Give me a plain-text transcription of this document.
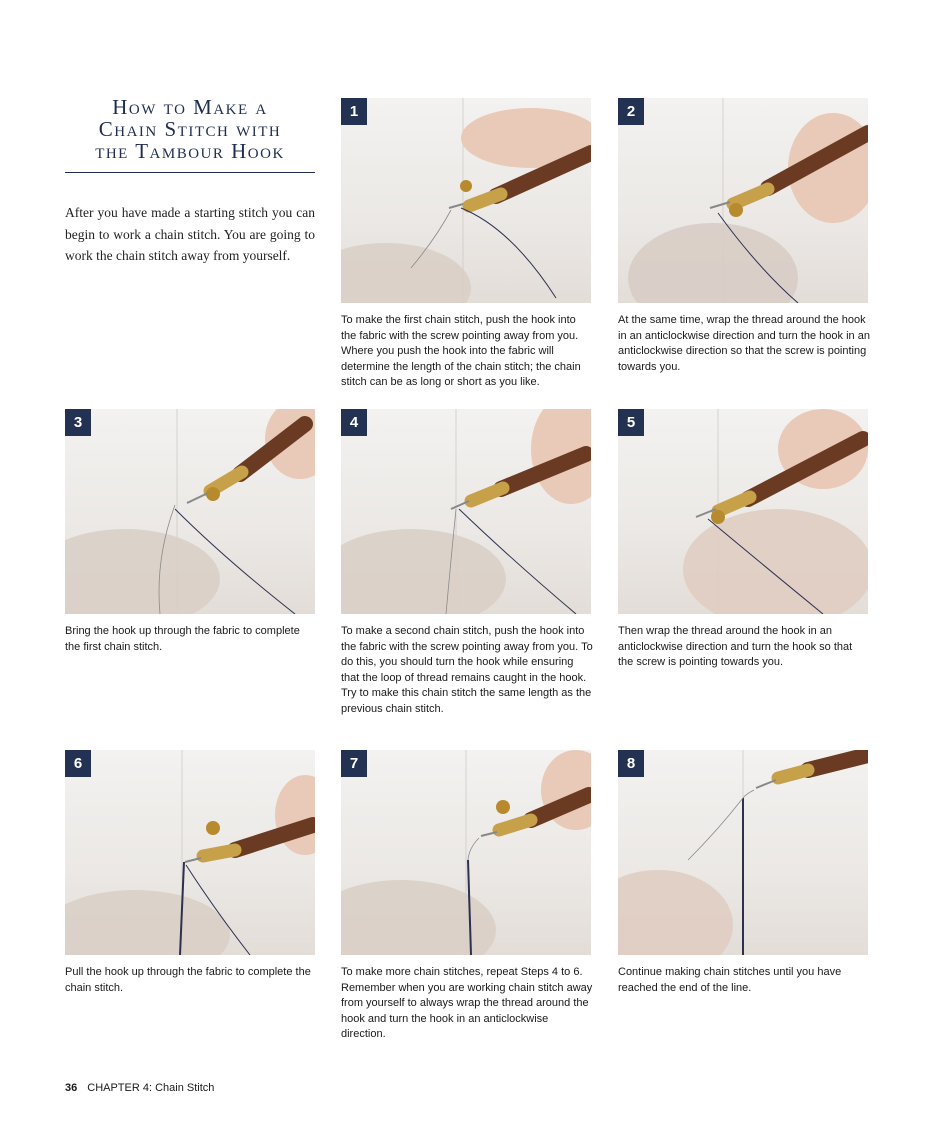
How to Make a
Chain Stitch with
the Tambour Hook
After you have made a starting stitch you can begin to work a chain stitch. You are going to work the chain stitch away from yourself.
1
To make the first chain stitch, push the hook into the fabric with the screw pointing away from you. Where you push the hook into the fabric will determine the length of the chain stitch; the chain stitch can be as long or short as you like.
2
At the same time, wrap the thread around the hook in an anticlockwise direction and turn the hook in an anticlockwise direction so that the screw is pointing towards you.
3
Bring the hook up through the fabric to complete the first chain stitch.
4
To make a second chain stitch, push the hook into the fabric with the screw pointing away from you. To do this, you should turn the hook while ensuring that the loop of thread remains caught in the hook. Try to make this chain stitch the same length as the previous chain stitch.
5
Then wrap the thread around the hook in an anticlockwise direction and turn the hook so that the screw is pointing towards you.
6
Pull the hook up through the fabric to complete the chain stitch.
7
To make more chain stitches, repeat Steps 4 to 6. Remember when you are working chain stitch away from yourself to always wrap the thread around the hook and turn the hook in an anticlockwise direction.
8
Continue making chain stitches until you have reached the end of the line.
36 CHAPTER 4: Chain Stitch
